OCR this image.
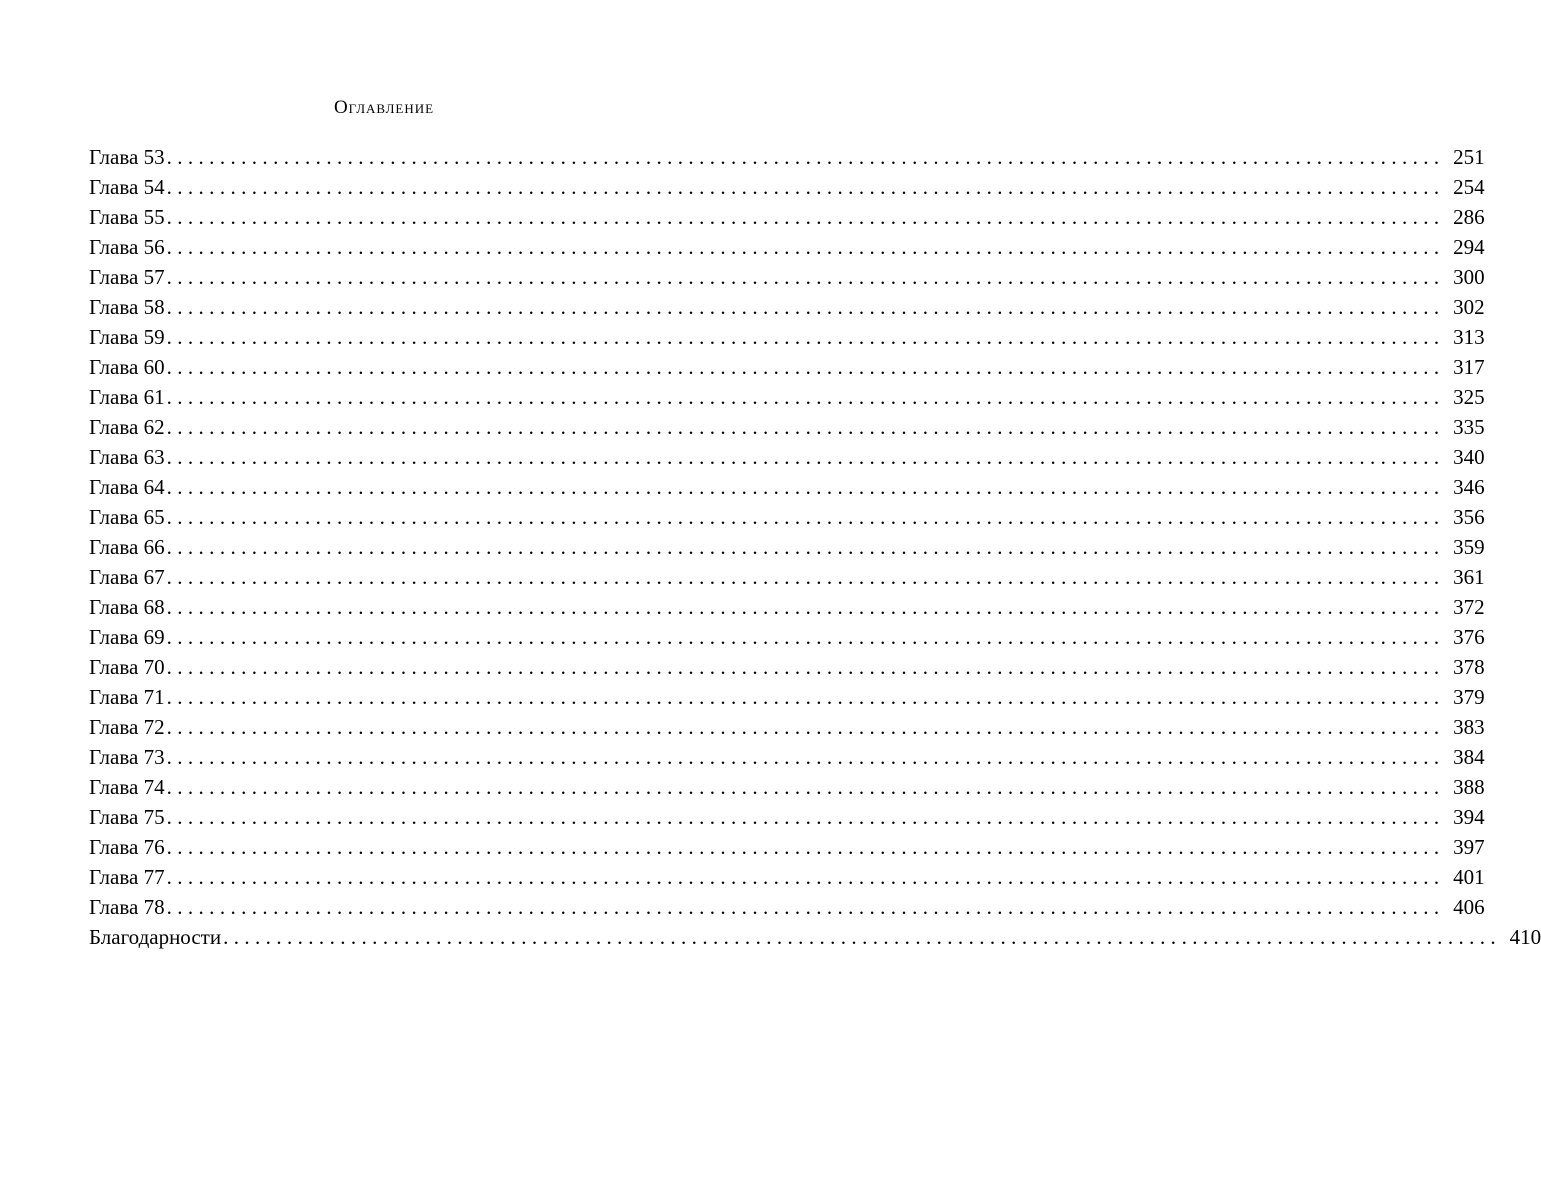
Оглавление
Глава 53 ........................................................................................................................ 251
Глава 54 ........................................................................................................................ 254
Глава 55 ........................................................................................................................ 286
Глава 56 ........................................................................................................................ 294
Глава 57 ........................................................................................................................ 300
Глава 58 ........................................................................................................................ 302
Глава 59 ........................................................................................................................ 313
Глава 60 ........................................................................................................................ 317
Глава 61 ........................................................................................................................ 325
Глава 62 ........................................................................................................................ 335
Глава 63 ........................................................................................................................ 340
Глава 64 ........................................................................................................................ 346
Глава 65 ........................................................................................................................ 356
Глава 66 ........................................................................................................................ 359
Глава 67 ........................................................................................................................ 361
Глава 68 ........................................................................................................................ 372
Глава 69 ........................................................................................................................ 376
Глава 70 ........................................................................................................................ 378
Глава 71 ........................................................................................................................ 379
Глава 72 ........................................................................................................................ 383
Глава 73 ........................................................................................................................ 384
Глава 74 ........................................................................................................................ 388
Глава 75 ........................................................................................................................ 394
Глава 76 ........................................................................................................................ 397
Глава 77 ........................................................................................................................ 401
Глава 78 ........................................................................................................................ 406
Благодарности ........................................................................................................................ 410
